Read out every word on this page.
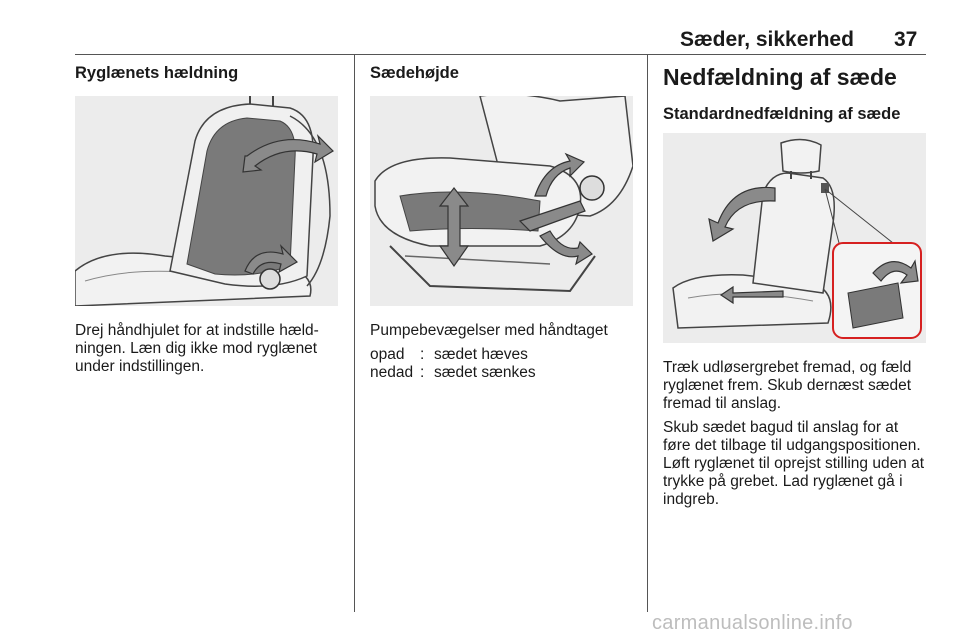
Sæder, sikkerhed 37
Ryglænets hældning
Drej håndhjulet for at indstille hæld-
ningen. Læn dig ikke mod ryglænet
under indstillingen.
Sædehøjde
Pumpebevægelser med håndtaget
opad : sædet hæves
nedad : sædet sænkes
Nedfældning af sæde
Standardnedfældning af sæde
Træk udløsergrebet fremad, og fæld
ryglænet frem. Skub dernæst sædet
fremad til anslag.
Skub sædet bagud til anslag for at
føre det tilbage til udgangspositionen.
Løft ryglænet til oprejst stilling uden at
trykke på grebet. Lad ryglænet gå i
indgreb.
carmanualsonline.info
